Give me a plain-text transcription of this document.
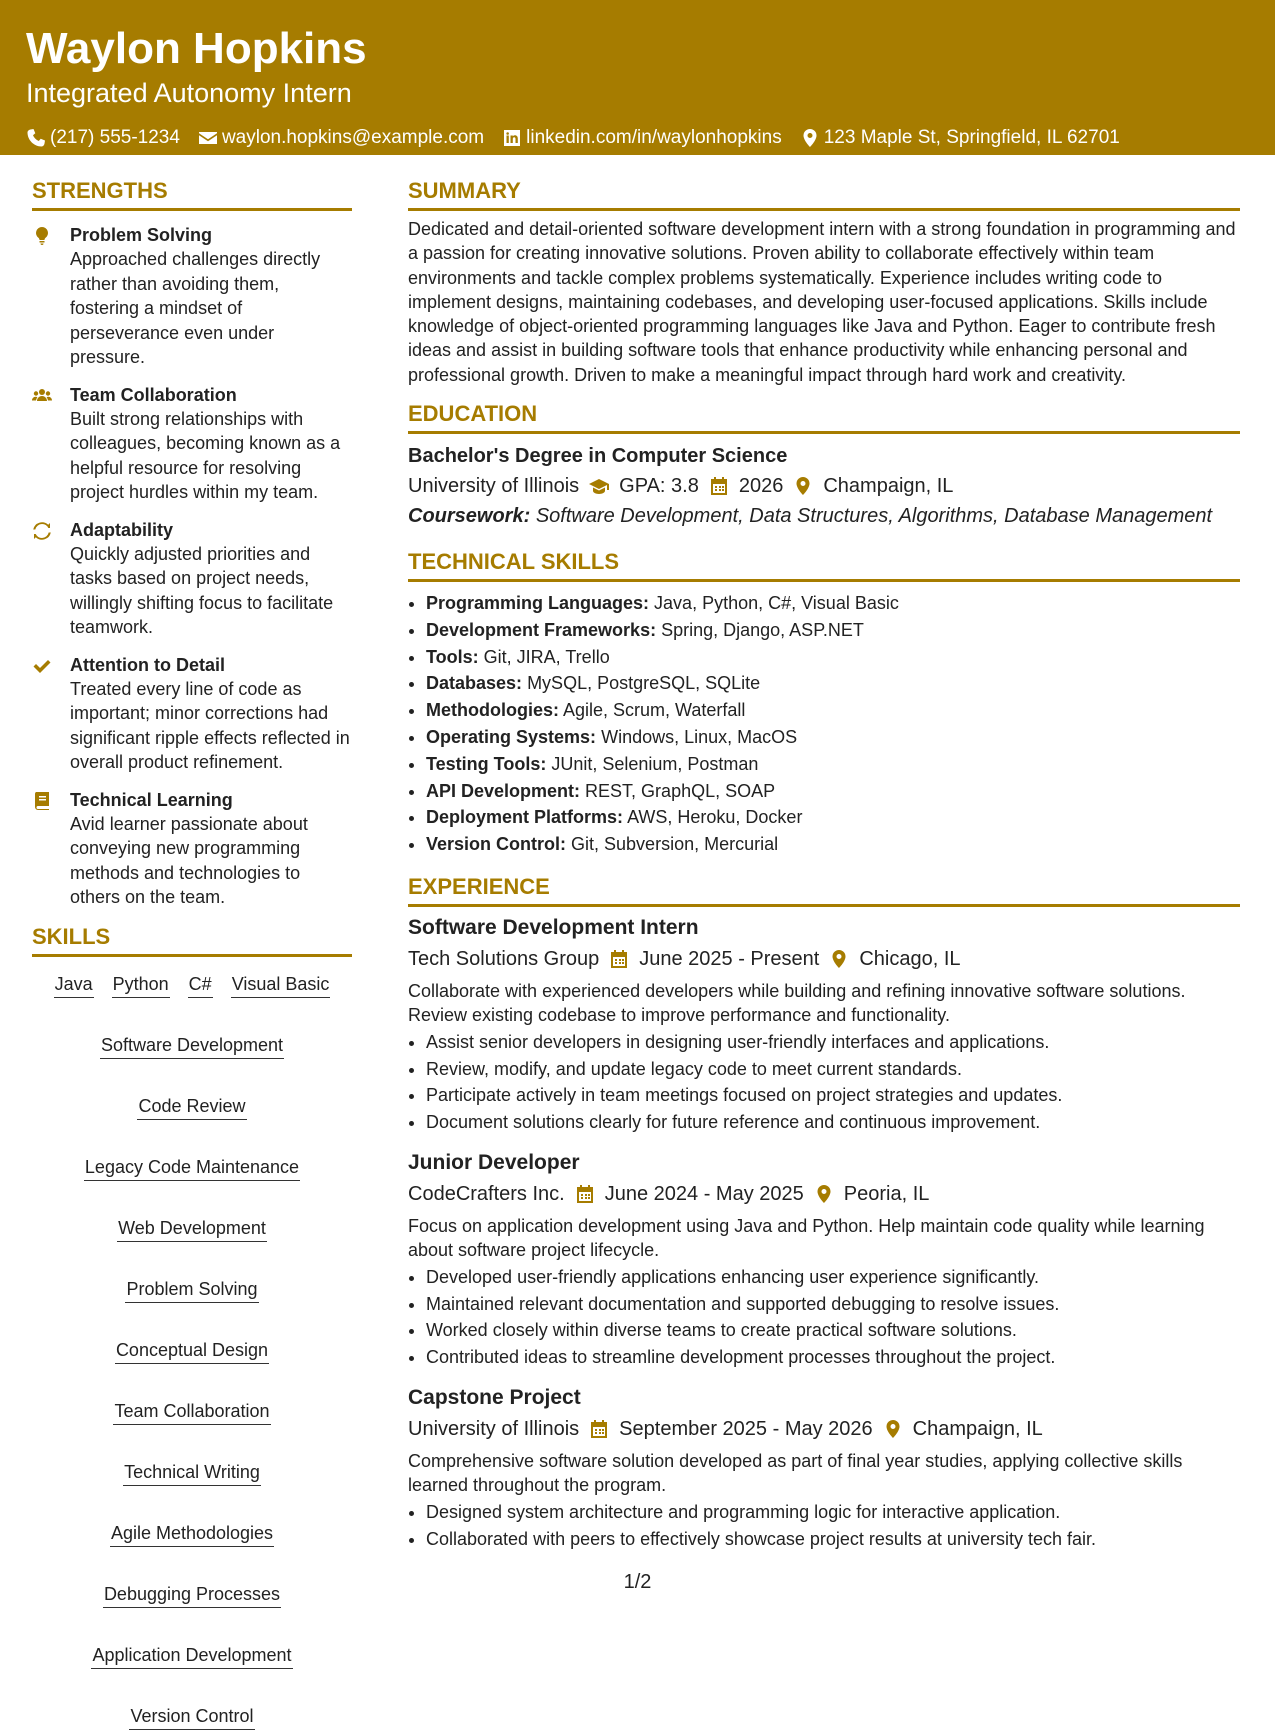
Waylon Hopkins
Integrated Autonomy Intern
(217) 555-1234 waylon.hopkins@example.com linkedin.com/in/waylonhopkins 123 Maple St, Springfield, IL 62701
STRENGTHS
Problem Solving
Approached challenges directly rather than avoiding them, fostering a mindset of perseverance even under pressure.
Team Collaboration
Built strong relationships with colleagues, becoming known as a helpful resource for resolving project hurdles within my team.
Adaptability
Quickly adjusted priorities and tasks based on project needs, willingly shifting focus to facilitate teamwork.
Attention to Detail
Treated every line of code as important; minor corrections had significant ripple effects reflected in overall product refinement.
Technical Learning
Avid learner passionate about conveying new programming methods and technologies to others on the team.
SKILLS
Java Python C# Visual Basic
Software Development
Code Review
Legacy Code Maintenance
Web Development
Problem Solving
Conceptual Design
Team Collaboration
Technical Writing
Agile Methodologies
Debugging Processes
Application Development
Version Control
SUMMARY

Dedicated and detail-oriented software development intern with a strong foundation in programming and a passion for creating innovative solutions. Proven ability to collaborate effectively within team environments and tackle complex problems systematically. Experience includes writing code to implement designs, maintaining codebases, and developing user-focused applications. Skills include knowledge of object-oriented programming languages like Java and Python. Eager to contribute fresh ideas and assist in building software tools that enhance productivity while enhancing personal and professional growth. Driven to make a meaningful impact through hard work and creativity.

EDUCATION
Bachelor's Degree in Computer Science
University of Illinois GPA: 3.8 2026 Champaign, IL
Coursework: Software Development, Data Structures, Algorithms, Database Management
TECHNICAL SKILLS
• Programming Languages: Java, Python, C#, Visual Basic
• Development Frameworks: Spring, Django, ASP.NET
• Tools: Git, JIRA, Trello
• Databases: MySQL, PostgreSQL, SQLite
• Methodologies: Agile, Scrum, Waterfall
• Operating Systems: Windows, Linux, MacOS
• Testing Tools: JUnit, Selenium, Postman
• API Development: REST, GraphQL, SOAP
• Deployment Platforms: AWS, Heroku, Docker
• Version Control: Git, Subversion, Mercurial
EXPERIENCE
Software Development Intern
Tech Solutions Group June 2025 - Present Chicago, IL
Collaborate with experienced developers while building and refining innovative software solutions. Review existing codebase to improve performance and functionality.
• Assist senior developers in designing user-friendly interfaces and applications.
• Review, modify, and update legacy code to meet current standards.
• Participate actively in team meetings focused on project strategies and updates.
• Document solutions clearly for future reference and continuous improvement.
Junior Developer
CodeCrafters Inc. June 2024 - May 2025 Peoria, IL
Focus on application development using Java and Python. Help maintain code quality while learning about software project lifecycle.
• Developed user-friendly applications enhancing user experience significantly.
• Maintained relevant documentation and supported debugging to resolve issues.
• Worked closely within diverse teams to create practical software solutions.
• Contributed ideas to streamline development processes throughout the project.
Capstone Project
University of Illinois September 2025 - May 2026 Champaign, IL
Comprehensive software solution developed as part of final year studies, applying collective skills learned throughout the program.
• Designed system architecture and programming logic for interactive application.
• Collaborated with peers to effectively showcase project results at university tech fair.
1/2
